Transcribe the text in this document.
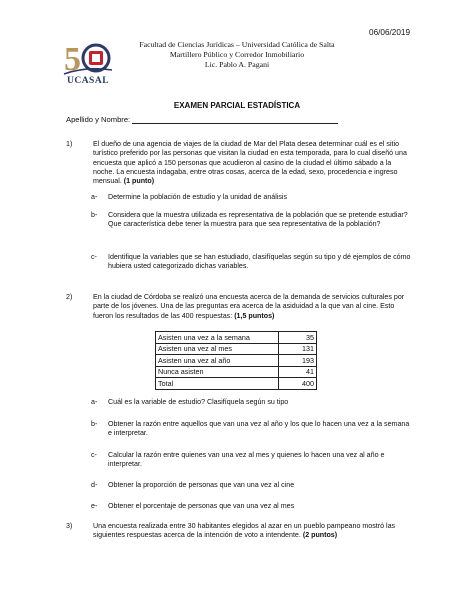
06/06/2019
5
UCASAL
Facultad de Ciencias Jurídicas – Universidad Católica de Salta
Martillero Público y Corredor Inmobiliario
Lic. Pablo A. Pagani
EXAMEN PARCIAL ESTADÍSTICA
Apellido y Nombre:
1)	El dueño de una agencia de viajes de la ciudad de Mar del Plata desea determinar cuál es el sitio turístico preferido por las personas que visitan la ciudad en esta temporada, para lo cual diseñó una encuesta que aplicó a 150 personas que acudieron al casino de la ciudad el último sábado a la noche. La encuesta indagaba, entre otras cosas, acerca de la edad, sexo, procedencia e ingreso mensual. (1 punto)
a- Determine la población de estudio y la unidad de análisis
b- Considera que la muestra utilizada es representativa de la población que se pretende estudiar? Que característica debe tener la muestra para que sea representativa de la población?
c- Identifique la variables que se han estudiado, clasifíquelas según su tipo y dé ejemplos de cómo hubiera usted categorizado dichas variables.
2)	En la ciudad de Córdoba se realizó una encuesta acerca de la demanda de servicios culturales por parte de los jóvenes. Una de las preguntas era acerca de la asiduidad a la que van al cine. Esto fueron los resultados de las 400 respuestas: (1,5 puntos)
Asisten una vez a la semana	35
Asisten una vez al mes	131
Asisten una vez al año	193
Nunca asisten	41
Total	400
a- Cuál es la variable de estudio? Clasifíquela según su tipo
b- Obtener la razón entre aquellos que van una vez al año y los que lo hacen una vez a la semana e interpretar.
c- Calcular la razón entre quienes van una vez al mes y quienes lo hacen una vez al año e interpretar.
d- Obtener la proporción de personas que van una vez al cine
e- Obtener el porcentaje de personas que van una vez al mes
3)	Una encuesta realizada entre 30 habitantes elegidos al azar en un pueblo pampeano mostró las siguientes respuestas acerca de la intención de voto a intendente. (2 puntos)
